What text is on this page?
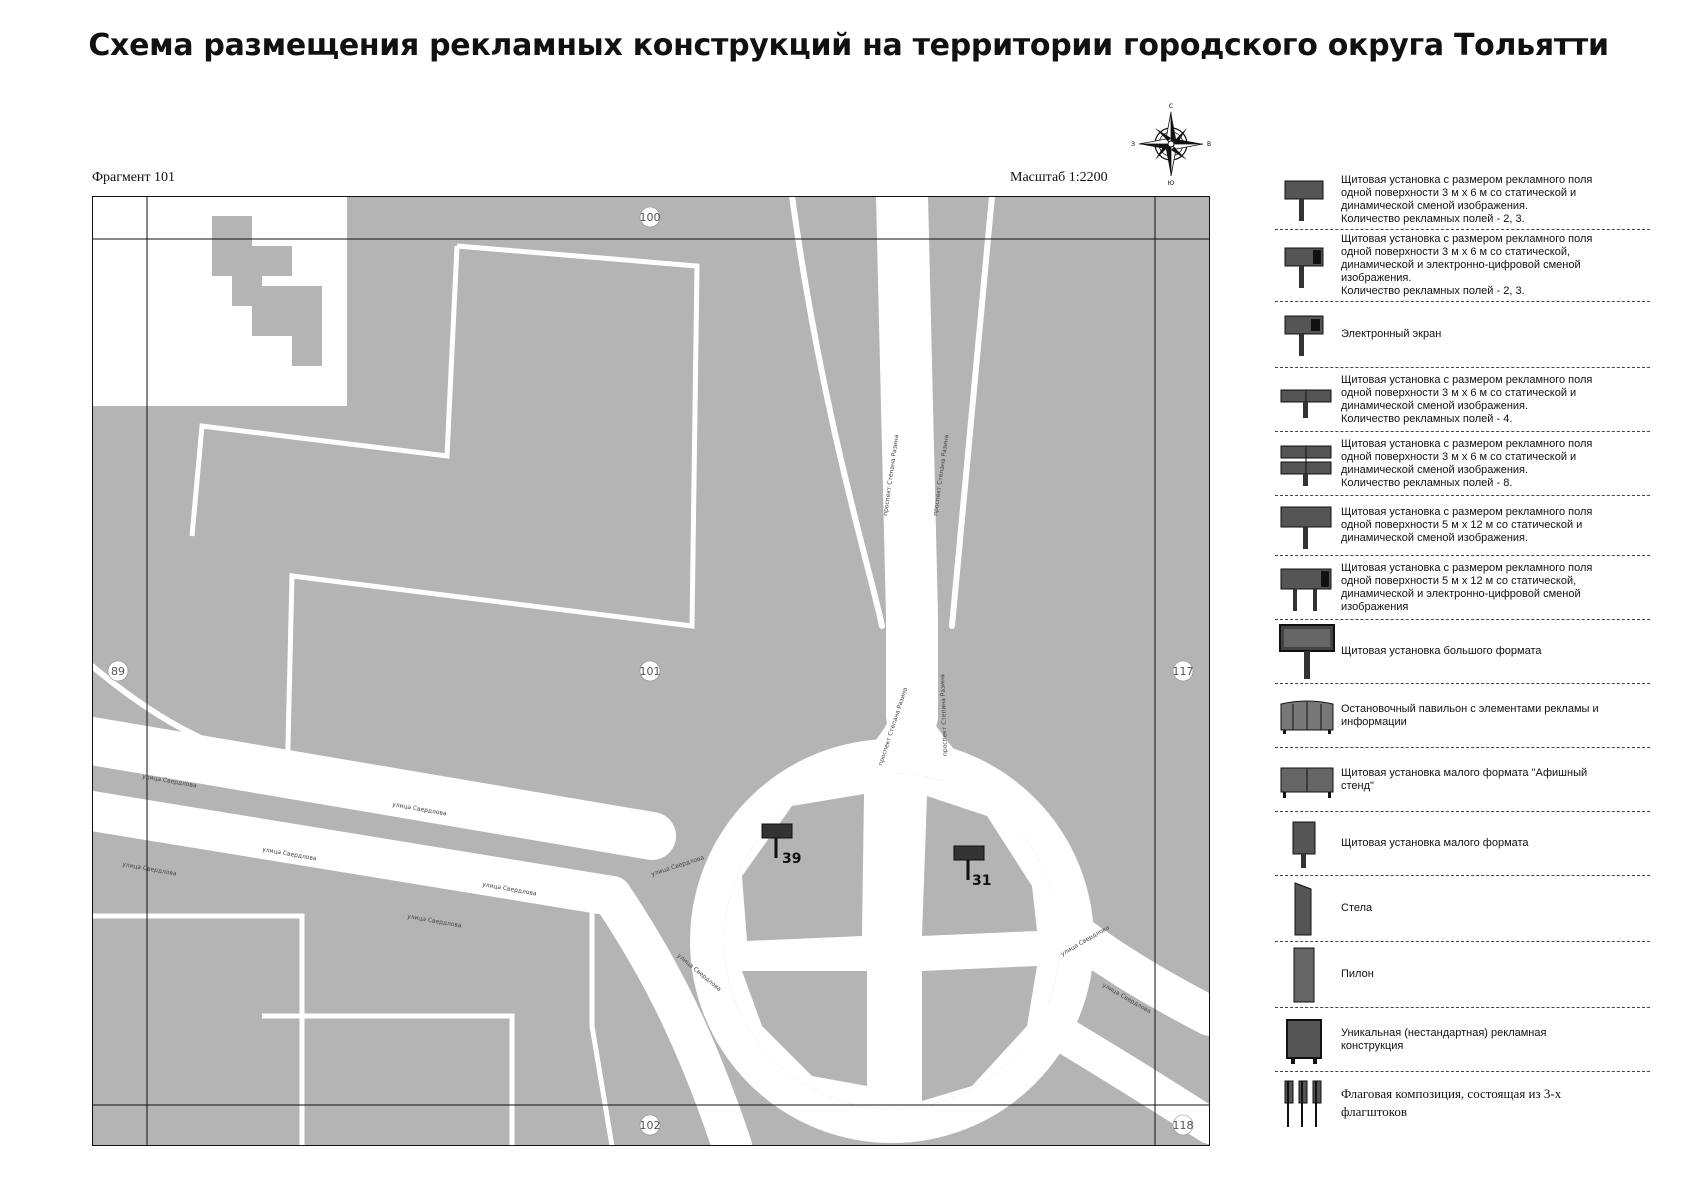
Схема размещения рекламных конструкций на территории городского округа Тольятти
Фрагмент 101	Масштаб 1:2200
С
Ю
З	В
100
101
89	117
102	118
улица Свердлова
улица Свердлова
улица Свердлова
улица Свердлова
улица Свердлова
улица Свердлова
улица Свердлова
улица Свердлова
улица Свердлова
улица Свердлова
проспект Степана Разина	проспект Степана Разина
проспект Степана Разина	проспект Степана Разина
39
31
Щитовая установка с размером рекламного поля
одной поверхности 3 м х 6 м со статической и
динамической сменой изображения.
Количество рекламных полей - 2, 3.
Щитовая установка с размером рекламного поля
одной поверхности 3 м х 6 м со статической,
динамической и электронно-цифровой сменой
изображения.
Количество рекламных полей - 2, 3.
Электронный экран
Щитовая установка с размером рекламного поля
одной поверхности 3 м х 6 м со статической и
динамической сменой изображения.
Количество рекламных полей - 4.
Щитовая установка с размером рекламного поля
одной поверхности 3 м х 6 м со статической и
динамической сменой изображения.
Количество рекламных полей - 8.
Щитовая установка с размером рекламного поля
одной поверхности 5 м х 12 м со статической и
динамической сменой изображения.
Щитовая установка с размером рекламного поля
одной поверхности 5 м х 12 м со статической,
динамической и электронно-цифровой сменой
изображения
Щитовая установка большого формата
Остановочный павильон с элементами рекламы и
информации
Щитовая установка малого формата "Афишный
стенд"
Щитовая установка малого формата
Стела
Пилон
Уникальная (нестандартная) рекламная
конструкция
Флаговая композиция, состоящая из 3-х
флагштоков
